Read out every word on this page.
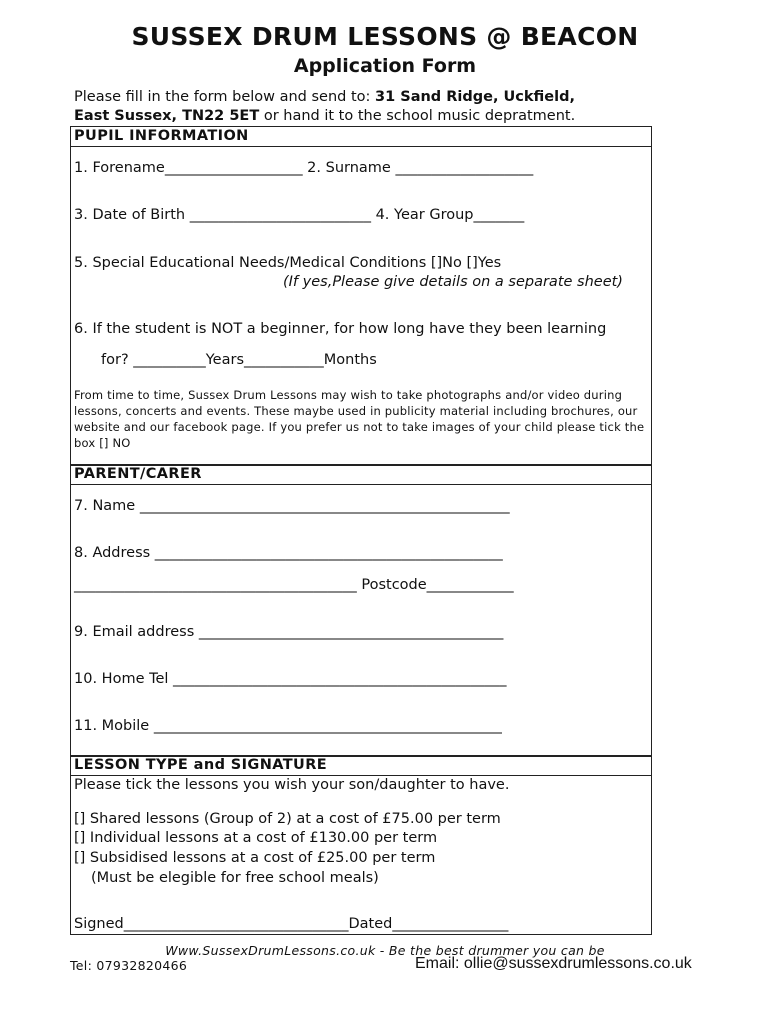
SUSSEX DRUM LESSONS @ BEACON
Application Form
Please fill in the form below and send to: 31 Sand Ridge, Uckfield,
East Sussex, TN22 5ET or hand it to the school music depratment.
PUPIL INFORMATION
1. Forename___________________ 2. Surname ___________________
3. Date of Birth _________________________ 4. Year Group_______
5. Special Educational Needs/Medical Conditions []No []Yes
(If yes,Please give details on a separate sheet)
6. If the student is NOT a beginner, for how long have they been learning
for? __________Years___________Months
From time to time, Sussex Drum Lessons may wish to take photographs and/or video during lessons, concerts and events. These maybe used in publicity material including brochures, our website and our facebook page. If you prefer us not to take images of your child please tick the box [] NO
PARENT/CARER
7. Name ___________________________________________________
8. Address ________________________________________________
_______________________________________ Postcode____________
9. Email address __________________________________________
10. Home Tel ______________________________________________
11. Mobile ________________________________________________
LESSON TYPE and SIGNATURE
Please tick the lessons you wish your son/daughter to have.
[] Shared lessons (Group of 2) at a cost of £75.00 per term
[] Individual lessons at a cost of £130.00 per term
[] Subsidised lessons at a cost of £25.00 per term
(Must be elegible for free school meals)
Signed_______________________________Dated________________
Www.SussexDrumLessons.co.uk - Be the best drummer you can be
Tel: 07932820466	Email: ollie@sussexdrumlessons.co.uk
